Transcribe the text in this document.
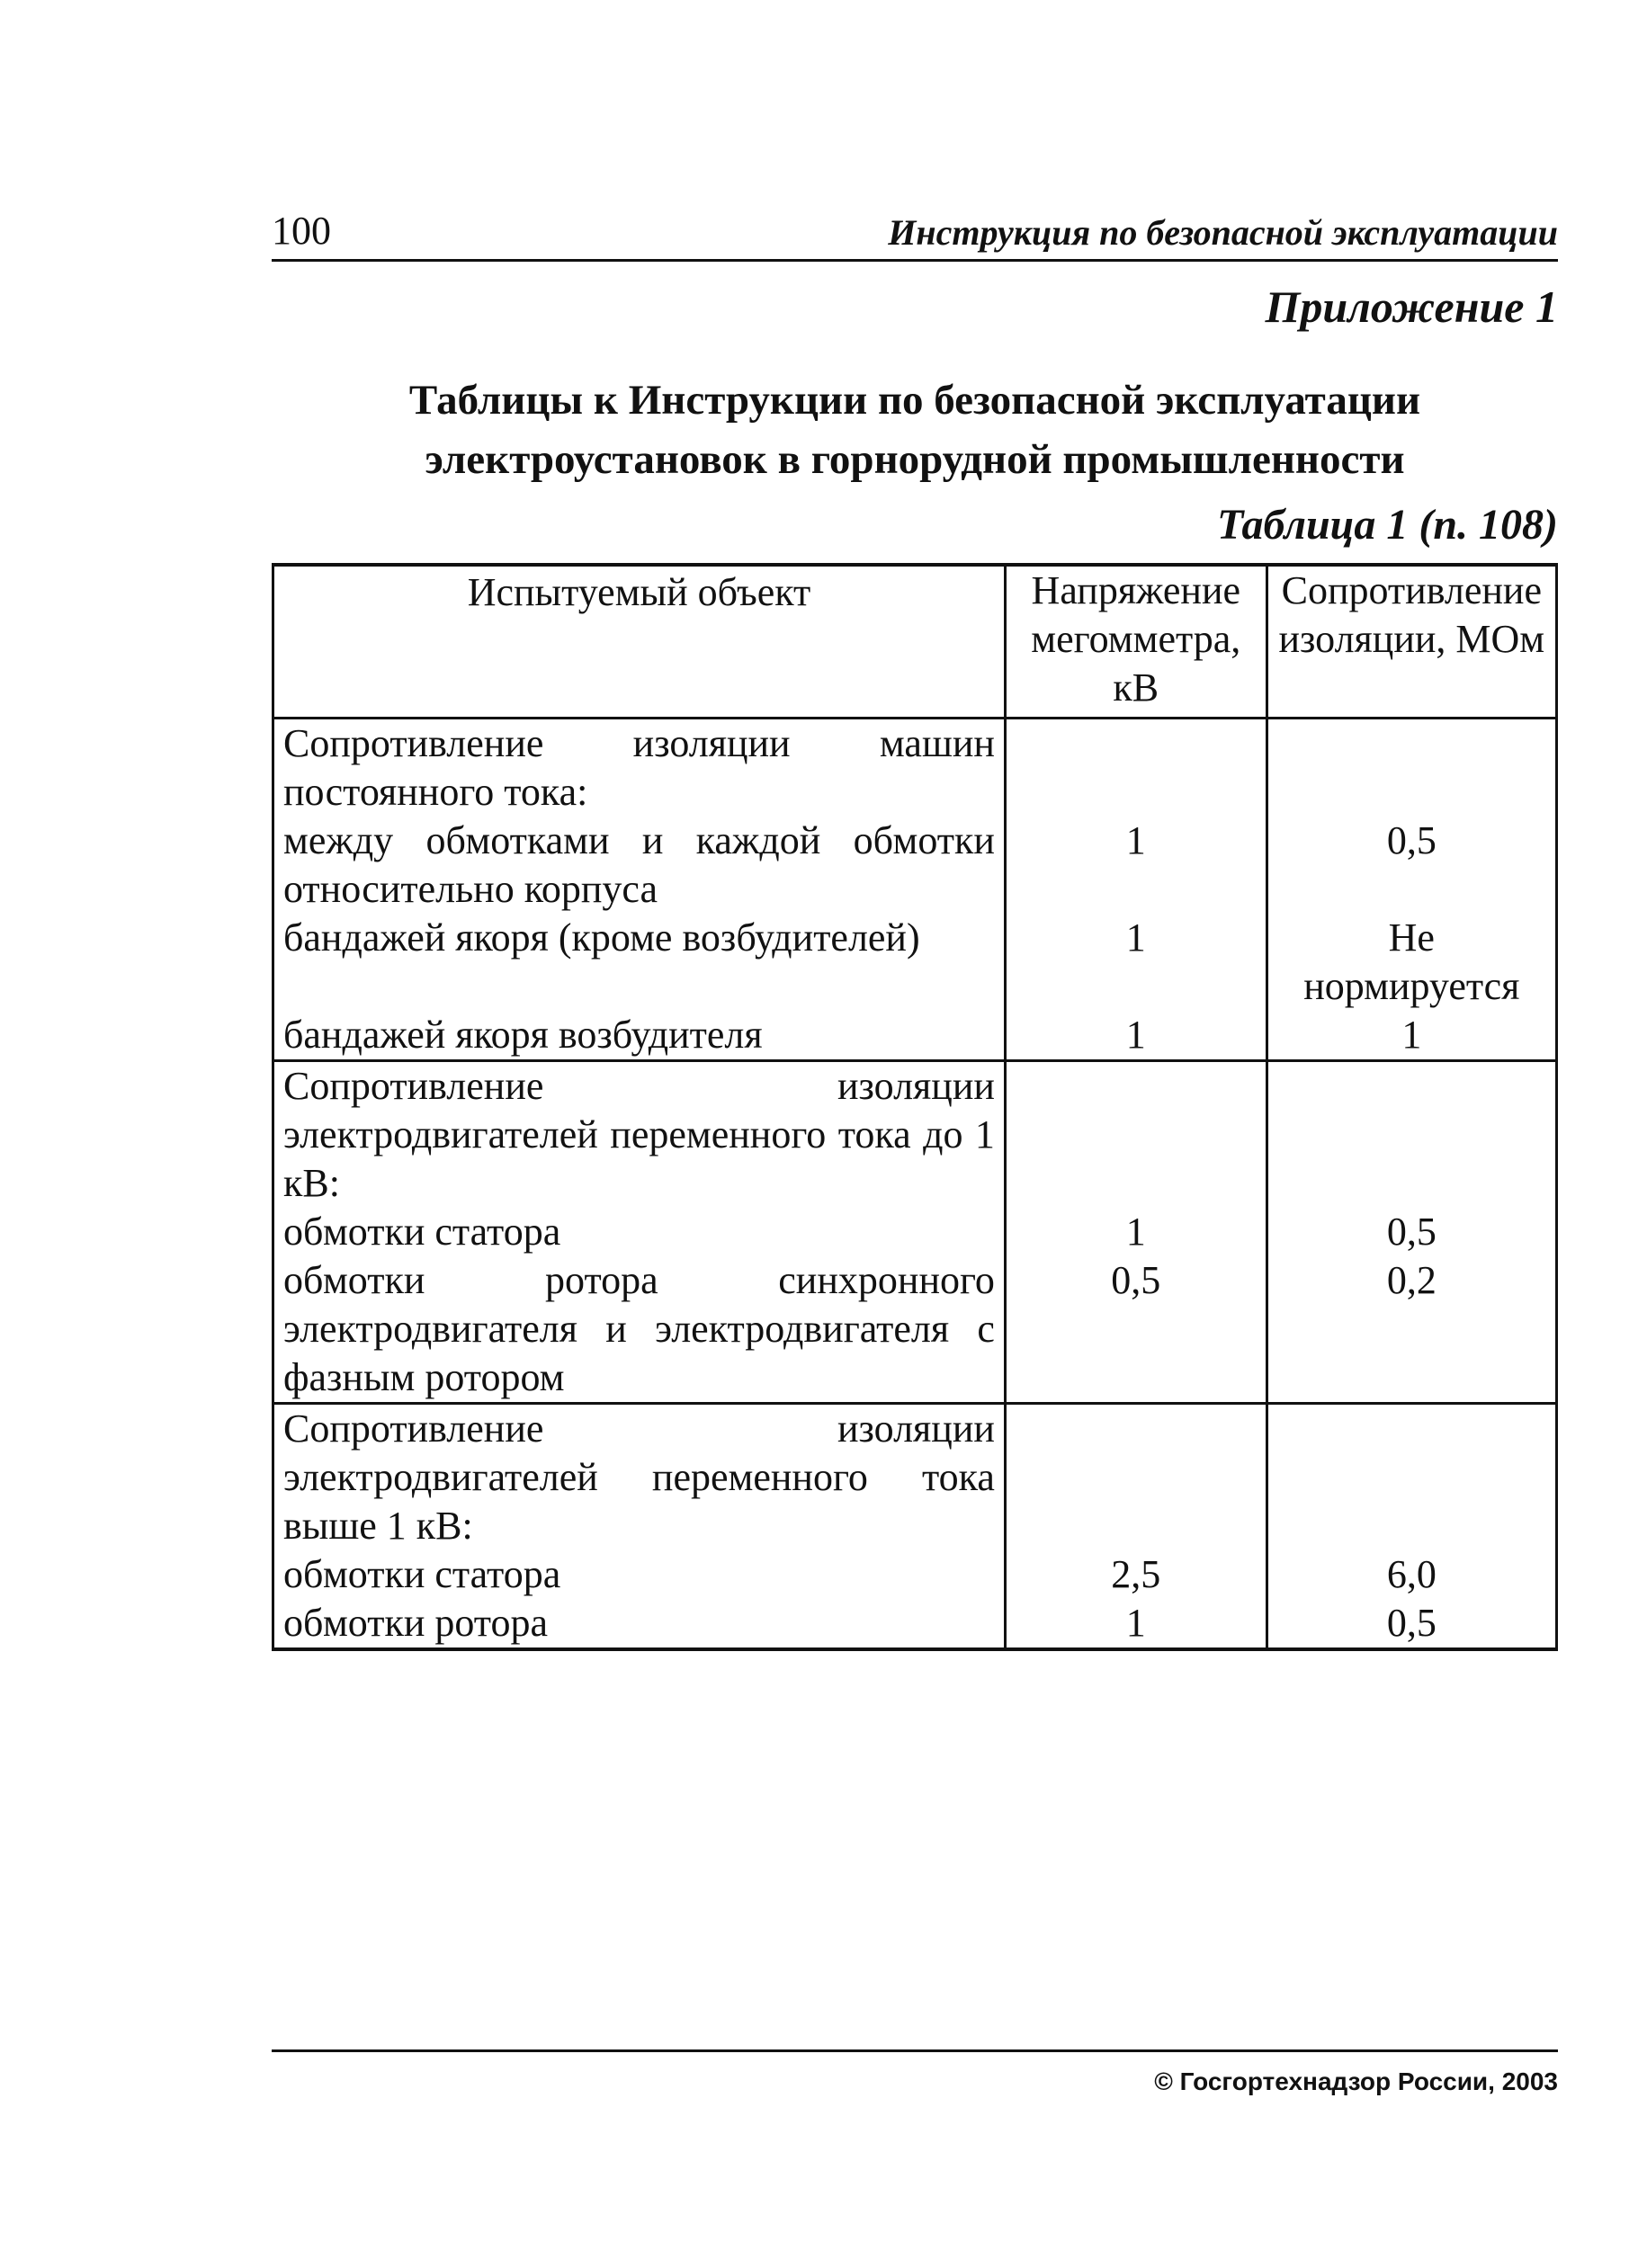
100	Инструкция по безопасной эксплуатации
Приложение 1
Таблицы к Инструкции по безопасной эксплуатации
электроустановок в горнорудной промышленности
Таблица 1 (п. 108)
Испытуемый объект	Напряжение мегомметра, кВ	Сопротивление изоляции, МОм
Сопротивление изоляции машин постоянного тока:		
между обмотками и каждой обмотки относительно корпуса	1	0,5
бандажей якоря (кроме возбудителей)	1	Не нормируется
бандажей якоря возбудителя	1	1
Сопротивление изоляции электродвигателей переменного тока до 1 кВ:		
обмотки статора	1	0,5
обмотки ротора синхронного электродвигателя и электродвигателя с фазным ротором	0,5	0,2
Сопротивление изоляции электродвигателей переменного тока выше 1 кВ:		
обмотки статора	2,5	6,0
обмотки ротора	1	0,5
© Госгортехнадзор России, 2003
